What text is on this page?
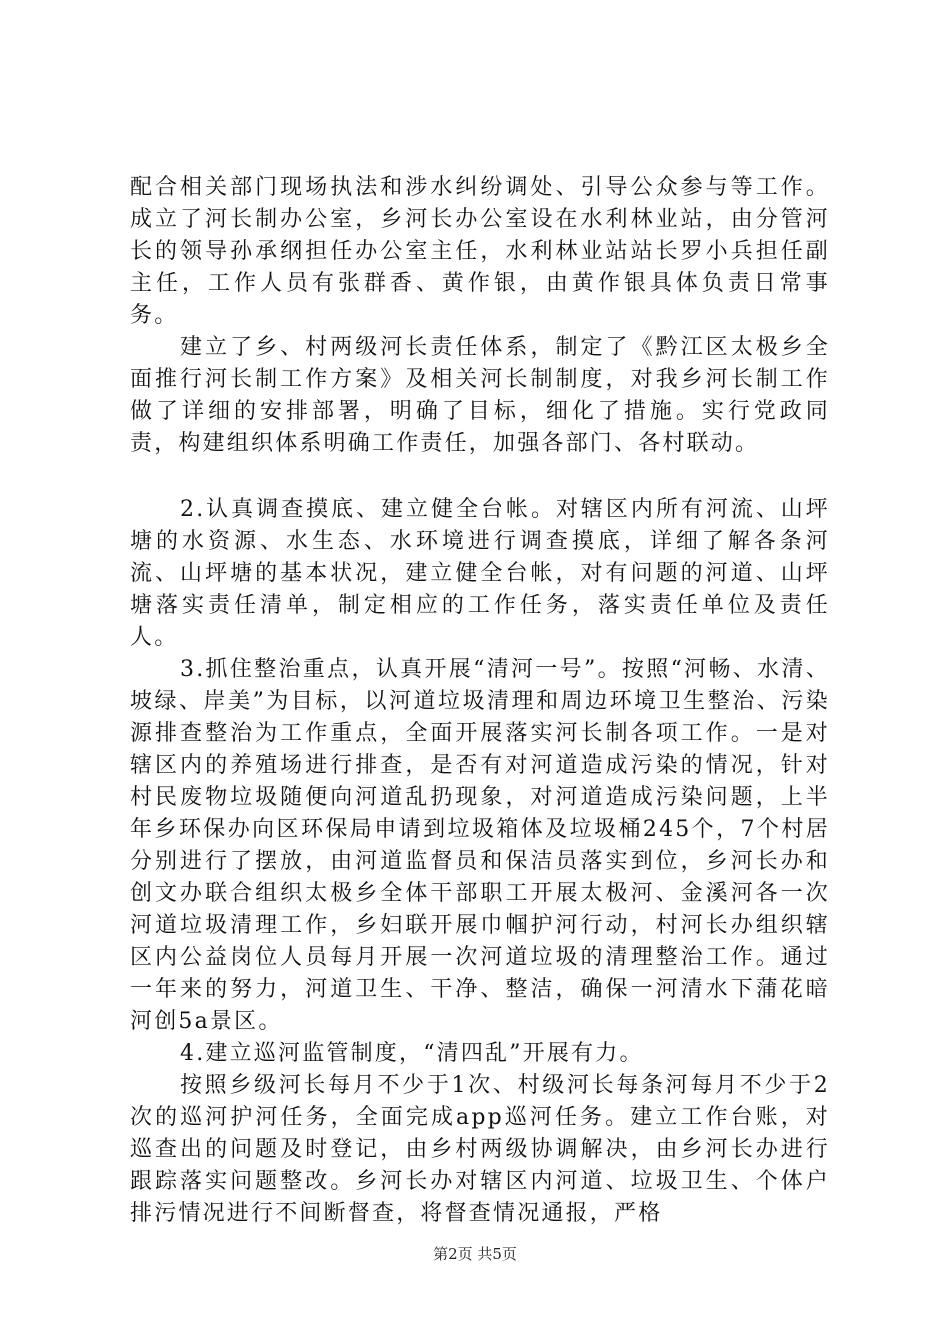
配合相关部门现场执法和涉水纠纷调处、引导公众参与等工作。成立了河长制办公室，乡河长办公室设在水利林业站，由分管河长的领导孙承纲担任办公室主任，水利林业站站长罗小兵担任副主任，工作人员有张群香、黄作银，由黄作银具体负责日常事务。

建立了乡、村两级河长责任体系，制定了《黔江区太极乡全面推行河长制工作方案》及相关河长制制度，对我乡河长制工作做了详细的安排部署，明确了目标，细化了措施。实行党政同责，构建组织体系明确工作责任，加强各部门、各村联动。

2.认真调查摸底、建立健全台帐。对辖区内所有河流、山坪塘的水资源、水生态、水环境进行调查摸底，详细了解各条河流、山坪塘的基本状况，建立健全台帐，对有问题的河道、山坪塘落实责任清单，制定相应的工作任务，落实责任单位及责任人。

3.抓住整治重点，认真开展“清河一号”。按照“河畅、水清、坡绿、岸美”为目标，以河道垃圾清理和周边环境卫生整治、污染源排查整治为工作重点，全面开展落实河长制各项工作。一是对辖区内的养殖场进行排查，是否有对河道造成污染的情况，针对村民废物垃圾随便向河道乱扔现象，对河道造成污染问题，上半年乡环保办向区环保局申请到垃圾箱体及垃圾桶245个，7个村居分别进行了摆放，由河道监督员和保洁员落实到位，乡河长办和创文办联合组织太极乡全体干部职工开展太极河、金溪河各一次河道垃圾清理工作，乡妇联开展巾帼护河行动，村河长办组织辖区内公益岗位人员每月开展一次河道垃圾的清理整治工作。通过一年来的努力，河道卫生、干净、整洁，确保一河清水下蒲花暗河创5a景区。

4.建立巡河监管制度，“清四乱”开展有力。

按照乡级河长每月不少于1次、村级河长每条河每月不少于2次的巡河护河任务，全面完成app巡河任务。建立工作台账，对巡查出的问题及时登记，由乡村两级协调解决，由乡河长办进行跟踪落实问题整改。乡河长办对辖区内河道、垃圾卫生、个体户排污情况进行不间断督查，将督查情况通报，严格

第2页 共5页
